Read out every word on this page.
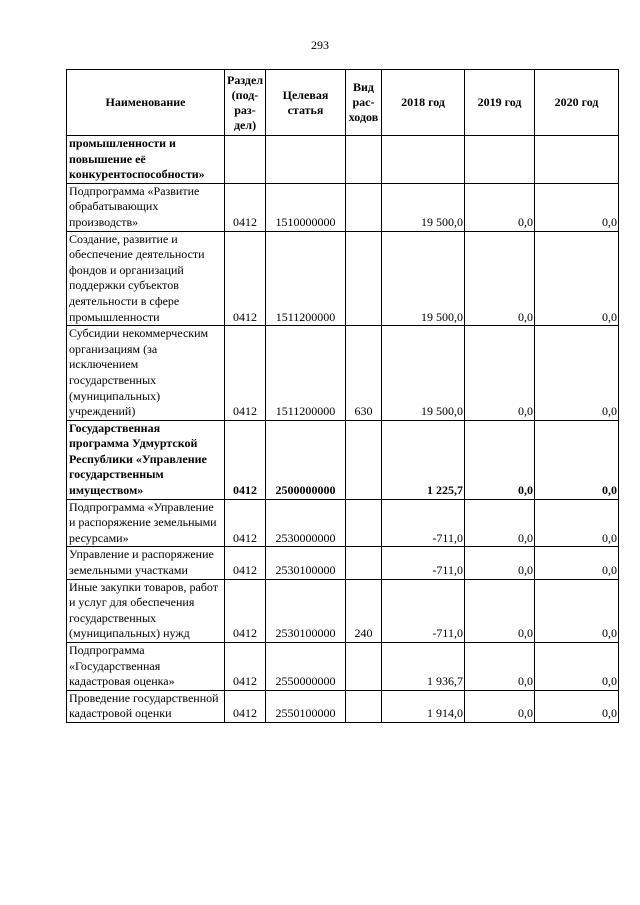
293
Наименование	Раздел (под-раз-дел)	Целевая статья	Вид рас-ходов	2018 год	2019 год	2020 год
промышленности и повышение её конкурентоспособности»						
Подпрограмма «Развитие обрабатывающих производств»	0412	1510000000		19 500,0	0,0	0,0
Создание, развитие и обеспечение деятельности фондов и организаций поддержки субъектов деятельности в сфере промышленности	0412	1511200000		19 500,0	0,0	0,0
Субсидии некоммерческим организациям (за исключением государственных (муниципальных) учреждений)	0412	1511200000	630	19 500,0	0,0	0,0
Государственная программа Удмуртской Республики «Управление государственным имуществом»	0412	2500000000		1 225,7	0,0	0,0
Подпрограмма «Управление и распоряжение земельными ресурсами»	0412	2530000000		-711,0	0,0	0,0
Управление и распоряжение земельными участками	0412	2530100000		-711,0	0,0	0,0
Иные закупки товаров, работ и услуг для обеспечения государственных (муниципальных) нужд	0412	2530100000	240	-711,0	0,0	0,0
Подпрограмма «Государственная кадастровая оценка»	0412	2550000000		1 936,7	0,0	0,0
Проведение государственной кадастровой оценки	0412	2550100000		1 914,0	0,0	0,0
